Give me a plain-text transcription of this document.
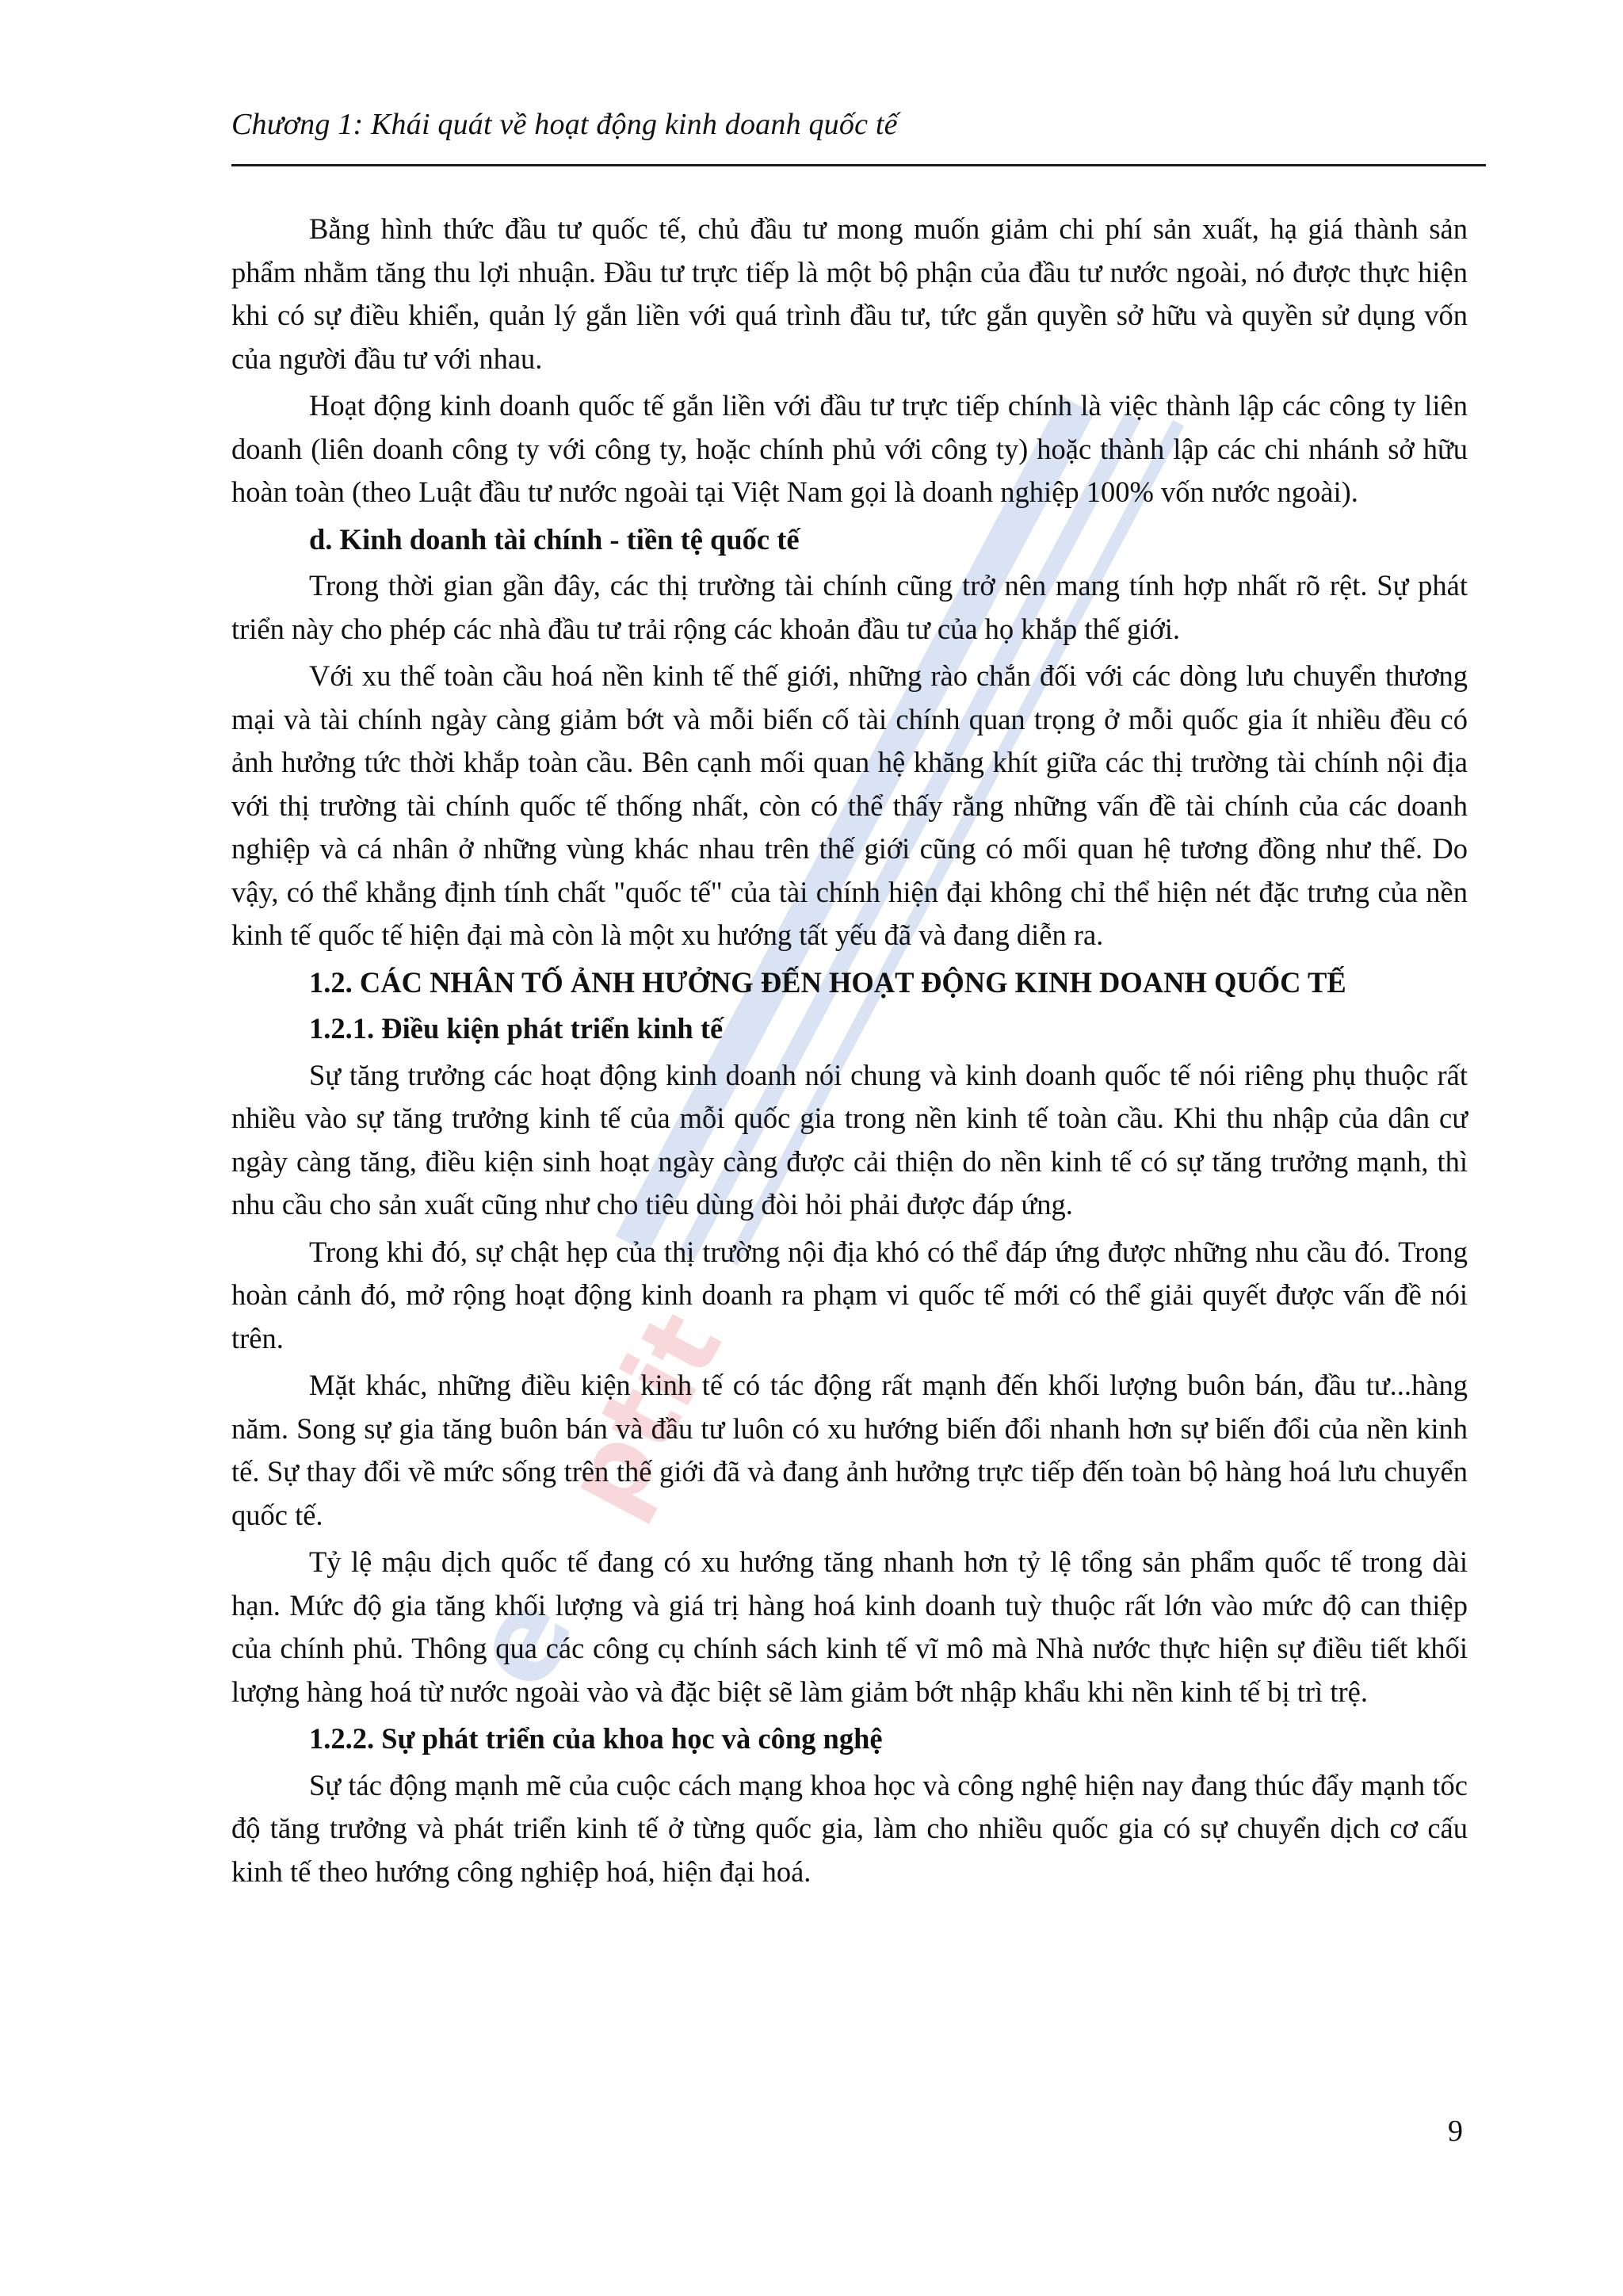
e
ptit
Chương 1: Khái quát về hoạt động kinh doanh quốc tế

Bằng hình thức đầu tư quốc tế, chủ đầu tư mong muốn giảm chi phí sản xuất, hạ giá thành sản phẩm nhằm tăng thu lợi nhuận. Đầu tư trực tiếp là một bộ phận của đầu tư nước ngoài, nó được thực hiện khi có sự điều khiển, quản lý gắn liền với quá trình đầu tư, tức gắn quyền sở hữu và quyền sử dụng vốn của người đầu tư với nhau.

Hoạt động kinh doanh quốc tế gắn liền với đầu tư trực tiếp chính là việc thành lập các công ty liên doanh (liên doanh công ty với công ty, hoặc chính phủ với công ty) hoặc thành lập các chi nhánh sở hữu hoàn toàn (theo Luật đầu tư nước ngoài tại Việt Nam gọi là doanh nghiệp 100% vốn nước ngoài).

d. Kinh doanh tài chính - tiền tệ quốc tế

Trong thời gian gần đây, các thị trường tài chính cũng trở nên mang tính hợp nhất rõ rệt. Sự phát triển này cho phép các nhà đầu tư trải rộng các khoản đầu tư của họ khắp thế giới.

Với xu thế toàn cầu hoá nền kinh tế thế giới, những rào chắn đối với các dòng lưu chuyển thương mại và tài chính ngày càng giảm bớt và mỗi biến cố tài chính quan trọng ở mỗi quốc gia ít nhiều đều có ảnh hưởng tức thời khắp toàn cầu. Bên cạnh mối quan hệ khăng khít giữa các thị trường tài chính nội địa với thị trường tài chính quốc tế thống nhất, còn có thể thấy rằng những vấn đề tài chính của các doanh nghiệp và cá nhân ở những vùng khác nhau trên thế giới cũng có mối quan hệ tương đồng như thế. Do vậy, có thể khẳng định tính chất "quốc tế" của tài chính hiện đại không chỉ thể hiện nét đặc trưng của nền kinh tế quốc tế hiện đại mà còn là một xu hướng tất yếu đã và đang diễn ra.

1.2. CÁC NHÂN TỐ ẢNH HƯỞNG ĐẾN HOẠT ĐỘNG KINH DOANH QUỐC TẾ

1.2.1. Điều kiện phát triển kinh tế

Sự tăng trưởng các hoạt động kinh doanh nói chung và kinh doanh quốc tế nói riêng phụ thuộc rất nhiều vào sự tăng trưởng kinh tế của mỗi quốc gia trong nền kinh tế toàn cầu. Khi thu nhập của dân cư ngày càng tăng, điều kiện sinh hoạt ngày càng được cải thiện do nền kinh tế có sự tăng trưởng mạnh, thì nhu cầu cho sản xuất cũng như cho tiêu dùng đòi hỏi phải được đáp ứng.

Trong khi đó, sự chật hẹp của thị trường nội địa khó có thể đáp ứng được những nhu cầu đó. Trong hoàn cảnh đó, mở rộng hoạt động kinh doanh ra phạm vi quốc tế mới có thể giải quyết được vấn đề nói trên.

Mặt khác, những điều kiện kinh tế có tác động rất mạnh đến khối lượng buôn bán, đầu tư...hàng năm. Song sự gia tăng buôn bán và đầu tư luôn có xu hướng biến đổi nhanh hơn sự biến đổi của nền kinh tế. Sự thay đổi về mức sống trên thế giới đã và đang ảnh hưởng trực tiếp đến toàn bộ hàng hoá lưu chuyển quốc tế.

Tỷ lệ mậu dịch quốc tế đang có xu hướng tăng nhanh hơn tỷ lệ tổng sản phẩm quốc tế trong dài hạn. Mức độ gia tăng khối lượng và giá trị hàng hoá kinh doanh tuỳ thuộc rất lớn vào mức độ can thiệp của chính phủ. Thông qua các công cụ chính sách kinh tế vĩ mô mà Nhà nước thực hiện sự điều tiết khối lượng hàng hoá từ nước ngoài vào và đặc biệt sẽ làm giảm bớt nhập khẩu khi nền kinh tế bị trì trệ.

1.2.2. Sự phát triển của khoa học và công nghệ

Sự tác động mạnh mẽ của cuộc cách mạng khoa học và công nghệ hiện nay đang thúc đẩy mạnh tốc độ tăng trưởng và phát triển kinh tế ở từng quốc gia, làm cho nhiều quốc gia có sự chuyển dịch cơ cấu kinh tế theo hướng công nghiệp hoá, hiện đại hoá.

9
